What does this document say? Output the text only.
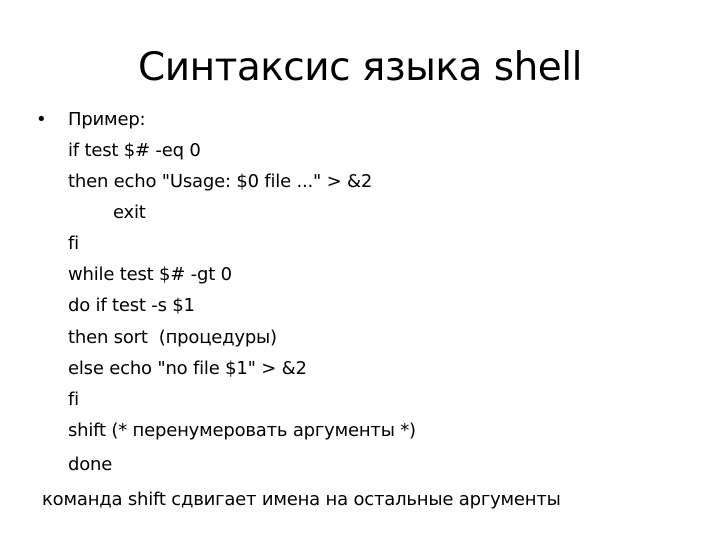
Синтаксис языка shell
• Пример:
if test $# -eq 0
then echo "Usage: $0 file ..." > &2
exit
fi
while test $# -gt 0
do if test -s $1
then sort  (процедуры)
else echo "no file $1" > &2
fi
shift (* перенумеровать аргументы *)
done
команда shift сдвигает имена на остальные аргументы
